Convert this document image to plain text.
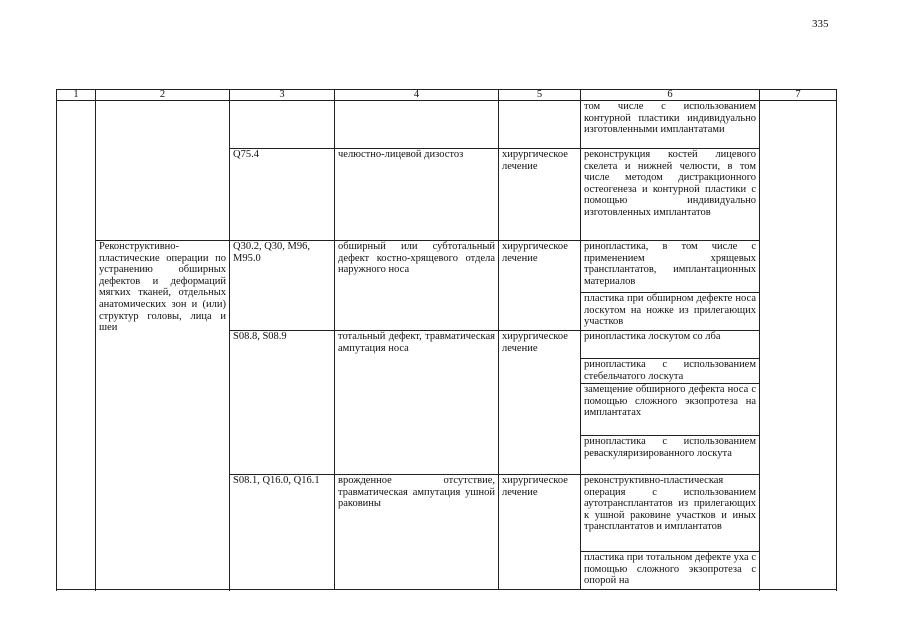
335
1	2	3	4	5	6	7

					том числе с использованием контурной пластики индивидуально изготовленными имплантатами	

		Q75.4	челюстно-лицевой дизостоз	хирургическое лечение	реконструкция костей лицевого скелета и нижней челюсти, в том числе методом дистракционного остеогенеза и контурной пластики с помощью индивидуально изготовленных имплантатов	

	Реконструктивно-пластические операции по устранению обширных дефектов и деформаций мягких тканей, отдельных анатомических зон и (или) структур головы, лица и шеи	Q30.2, Q30, M96, M95.0	обширный или субтотальный дефект костно-хрящевого отдела наружного носа	хирургическое лечение	ринопластика, в том числе с применением хрящевых трансплантатов, имплантационных материалов	

					пластика при обширном дефекте носа лоскутом на ножке из прилегающих участков	

		S08.8, S08.9	тотальный дефект, травматическая ампутация носа	хирургическое лечение	ринопластика лоскутом со лба	

					ринопластика с использованием стебельчатого лоскута	

					замещение обширного дефекта носа с помощью сложного экзопротеза на имплантатах	

					ринопластика с использованием реваскуляризированного лоскута	

		S08.1, Q16.0, Q16.1	врожденное отсутствие, травматическая ампутация ушной раковины	хирургическое лечение	реконструктивно-пластическая операция с использованием аутотрансплантатов из прилегающих к ушной раковине участков и иных трансплантатов и имплантатов	

					пластика при тотальном дефекте уха с помощью сложного экзопротеза с опорой на	
